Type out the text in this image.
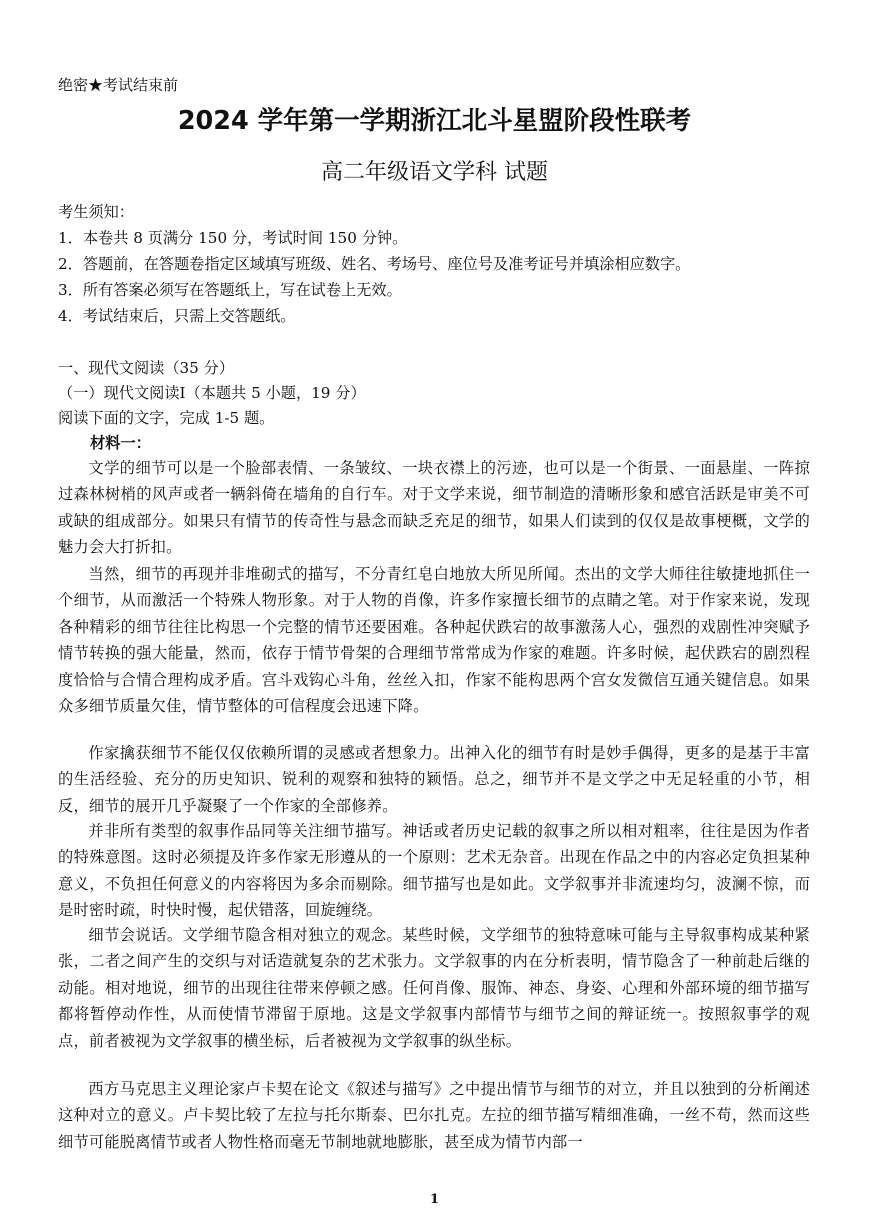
绝密★考试结束前
2024 学年第一学期浙江北斗星盟阶段性联考
高二年级语文学科 试题
考生须知：
1．本卷共 8 页满分 150 分，考试时间 150 分钟。
2．答题前，在答题卷指定区域填写班级、姓名、考场号、座位号及准考证号并填涂相应数字。
3．所有答案必须写在答题纸上，写在试卷上无效。
4．考试结束后，只需上交答题纸。
一、现代文阅读（35 分）
（一）现代文阅读Ⅰ（本题共 5 小题，19 分）
阅读下面的文字，完成 1-5 题。
材料一：

文学的细节可以是一个脸部表情、一条皱纹、一块衣襟上的污迹，也可以是一个街景、一面悬崖、一阵掠过森林树梢的风声或者一辆斜倚在墙角的自行车。对于文学来说，细节制造的清晰形象和感官活跃是审美不可或缺的组成部分。如果只有情节的传奇性与悬念而缺乏充足的细节，如果人们读到的仅仅是故事梗概，文学的魅力会大打折扣。

当然，细节的再现并非堆砌式的描写，不分青红皂白地放大所见所闻。杰出的文学大师往往敏捷地抓住一个细节，从而激活一个特殊人物形象。对于人物的肖像，许多作家擅长细节的点睛之笔。对于作家来说，发现各种精彩的细节往往比构思一个完整的情节还要困难。各种起伏跌宕的故事激荡人心，强烈的戏剧性冲突赋予情节转换的强大能量，然而，依存于情节骨架的合理细节常常成为作家的难题。许多时候，起伏跌宕的剧烈程度恰恰与合情合理构成矛盾。宫斗戏钩心斗角，丝丝入扣，作家不能构思两个宫女发微信互通关键信息。如果众多细节质量欠佳，情节整体的可信程度会迅速下降。

作家擒获细节不能仅仅依赖所谓的灵感或者想象力。出神入化的细节有时是妙手偶得，更多的是基于丰富的生活经验、充分的历史知识、锐利的观察和独特的颖悟。总之，细节并不是文学之中无足轻重的小节，相反，细节的展开几乎凝聚了一个作家的全部修养。

并非所有类型的叙事作品同等关注细节描写。神话或者历史记载的叙事之所以相对粗率，往往是因为作者的特殊意图。这时必须提及许多作家无形遵从的一个原则：艺术无杂音。出现在作品之中的内容必定负担某种意义，不负担任何意义的内容将因为多余而剔除。细节描写也是如此。文学叙事并非流速均匀，波澜不惊，而是时密时疏，时快时慢，起伏错落，回旋缠绕。

细节会说话。文学细节隐含相对独立的观念。某些时候，文学细节的独特意味可能与主导叙事构成某种紧张，二者之间产生的交织与对话造就复杂的艺术张力。文学叙事的内在分析表明，情节隐含了一种前赴后继的动能。相对地说，细节的出现往往带来停顿之感。任何肖像、服饰、神态、身姿、心理和外部环境的细节描写都将暂停动作性，从而使情节滞留于原地。这是文学叙事内部情节与细节之间的辩证统一。按照叙事学的观点，前者被视为文学叙事的横坐标，后者被视为文学叙事的纵坐标。

西方马克思主义理论家卢卡契在论文《叙述与描写》之中提出情节与细节的对立，并且以独到的分析阐述这种对立的意义。卢卡契比较了左拉与托尔斯泰、巴尔扎克。左拉的细节描写精细准确，一丝不苟，然而这些细节可能脱离情节或者人物性格而毫无节制地就地膨胀，甚至成为情节内部一

1
